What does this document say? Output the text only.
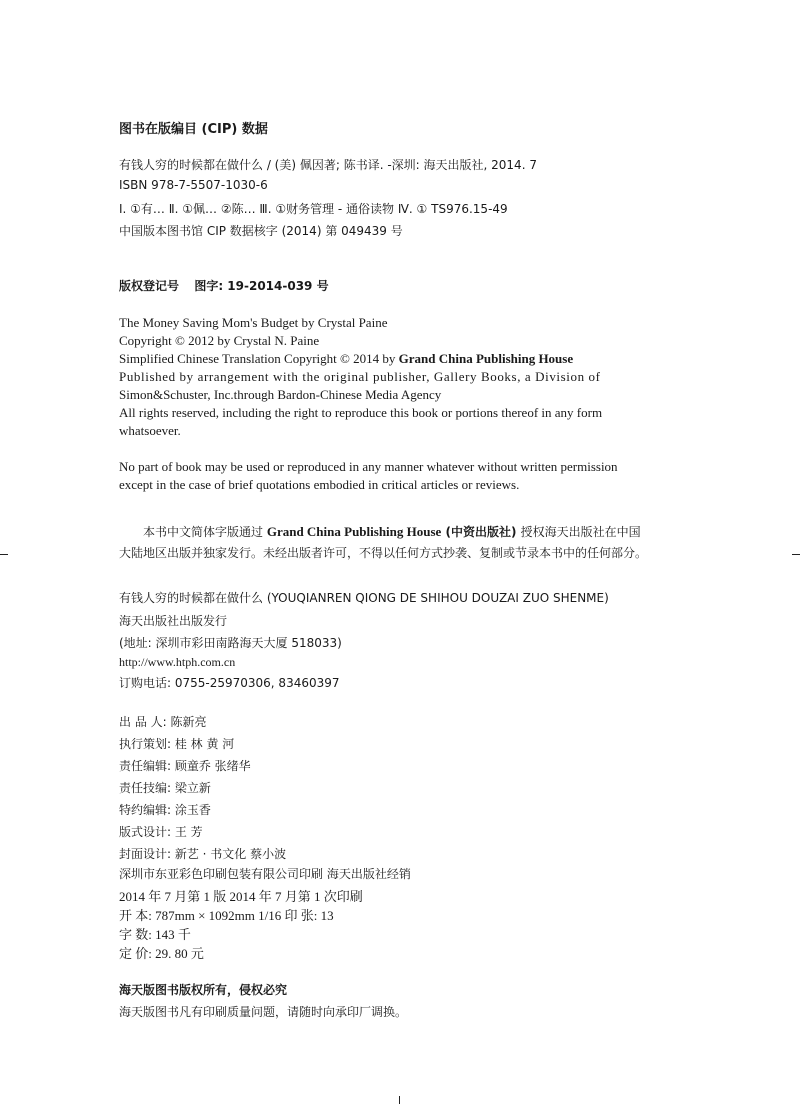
图书在版编目 (CIP) 数据
有钱人穷的时候都在做什么 / (美) 佩因著; 陈书译. -深圳: 海天出版社, 2014. 7
ISBN 978-7-5507-1030-6
Ⅰ. ①有… Ⅱ. ①佩… ②陈… Ⅲ. ①财务管理 - 通俗读物 Ⅳ. ① TS976.15-49
中国版本图书馆 CIP 数据核字 (2014) 第 049439 号
版权登记号 图字: 19-2014-039 号
The Money Saving Mom's Budget by Crystal Paine
Copyright © 2012 by Crystal N. Paine
Simplified Chinese Translation Copyright © 2014 by Grand China Publishing House
Published by arrangement with the original publisher, Gallery Books, a Division of
Simon&Schuster, Inc.through Bardon-Chinese Media Agency
All rights reserved, including the right to reproduce this book or portions thereof in any form
whatsoever.
No part of book may be used or reproduced in any manner whatever without written permission
except in the case of brief quotations embodied in critical articles or reviews.
本书中文简体字版通过 Grand China Publishing House (中资出版社) 授权海天出版社在中国
大陆地区出版并独家发行。未经出版者许可，不得以任何方式抄袭、复制或节录本书中的任何部分。
有钱人穷的时候都在做什么 (YOUQIANREN QIONG DE SHIHOU DOUZAI ZUO SHENME)
海天出版社出版发行
(地址: 深圳市彩田南路海天大厦 518033)
http://www.htph.com.cn
订购电话: 0755-25970306, 83460397
出 品 人: 陈新亮
执行策划: 桂 林 黄 河
责任编辑: 顾童乔 张绪华
责任技编: 梁立新
特约编辑: 涂玉香
版式设计: 王 芳
封面设计: 新艺 · 书文化 蔡小波
深圳市东亚彩色印刷包装有限公司印刷 海天出版社经销
2014 年 7 月第 1 版 2014 年 7 月第 1 次印刷
开 本: 787mm × 1092mm 1/16 印 张: 13
字 数: 143 千
定 价: 29. 80 元
海天版图书版权所有，侵权必究
海天版图书凡有印刷质量问题，请随时向承印厂调换。
